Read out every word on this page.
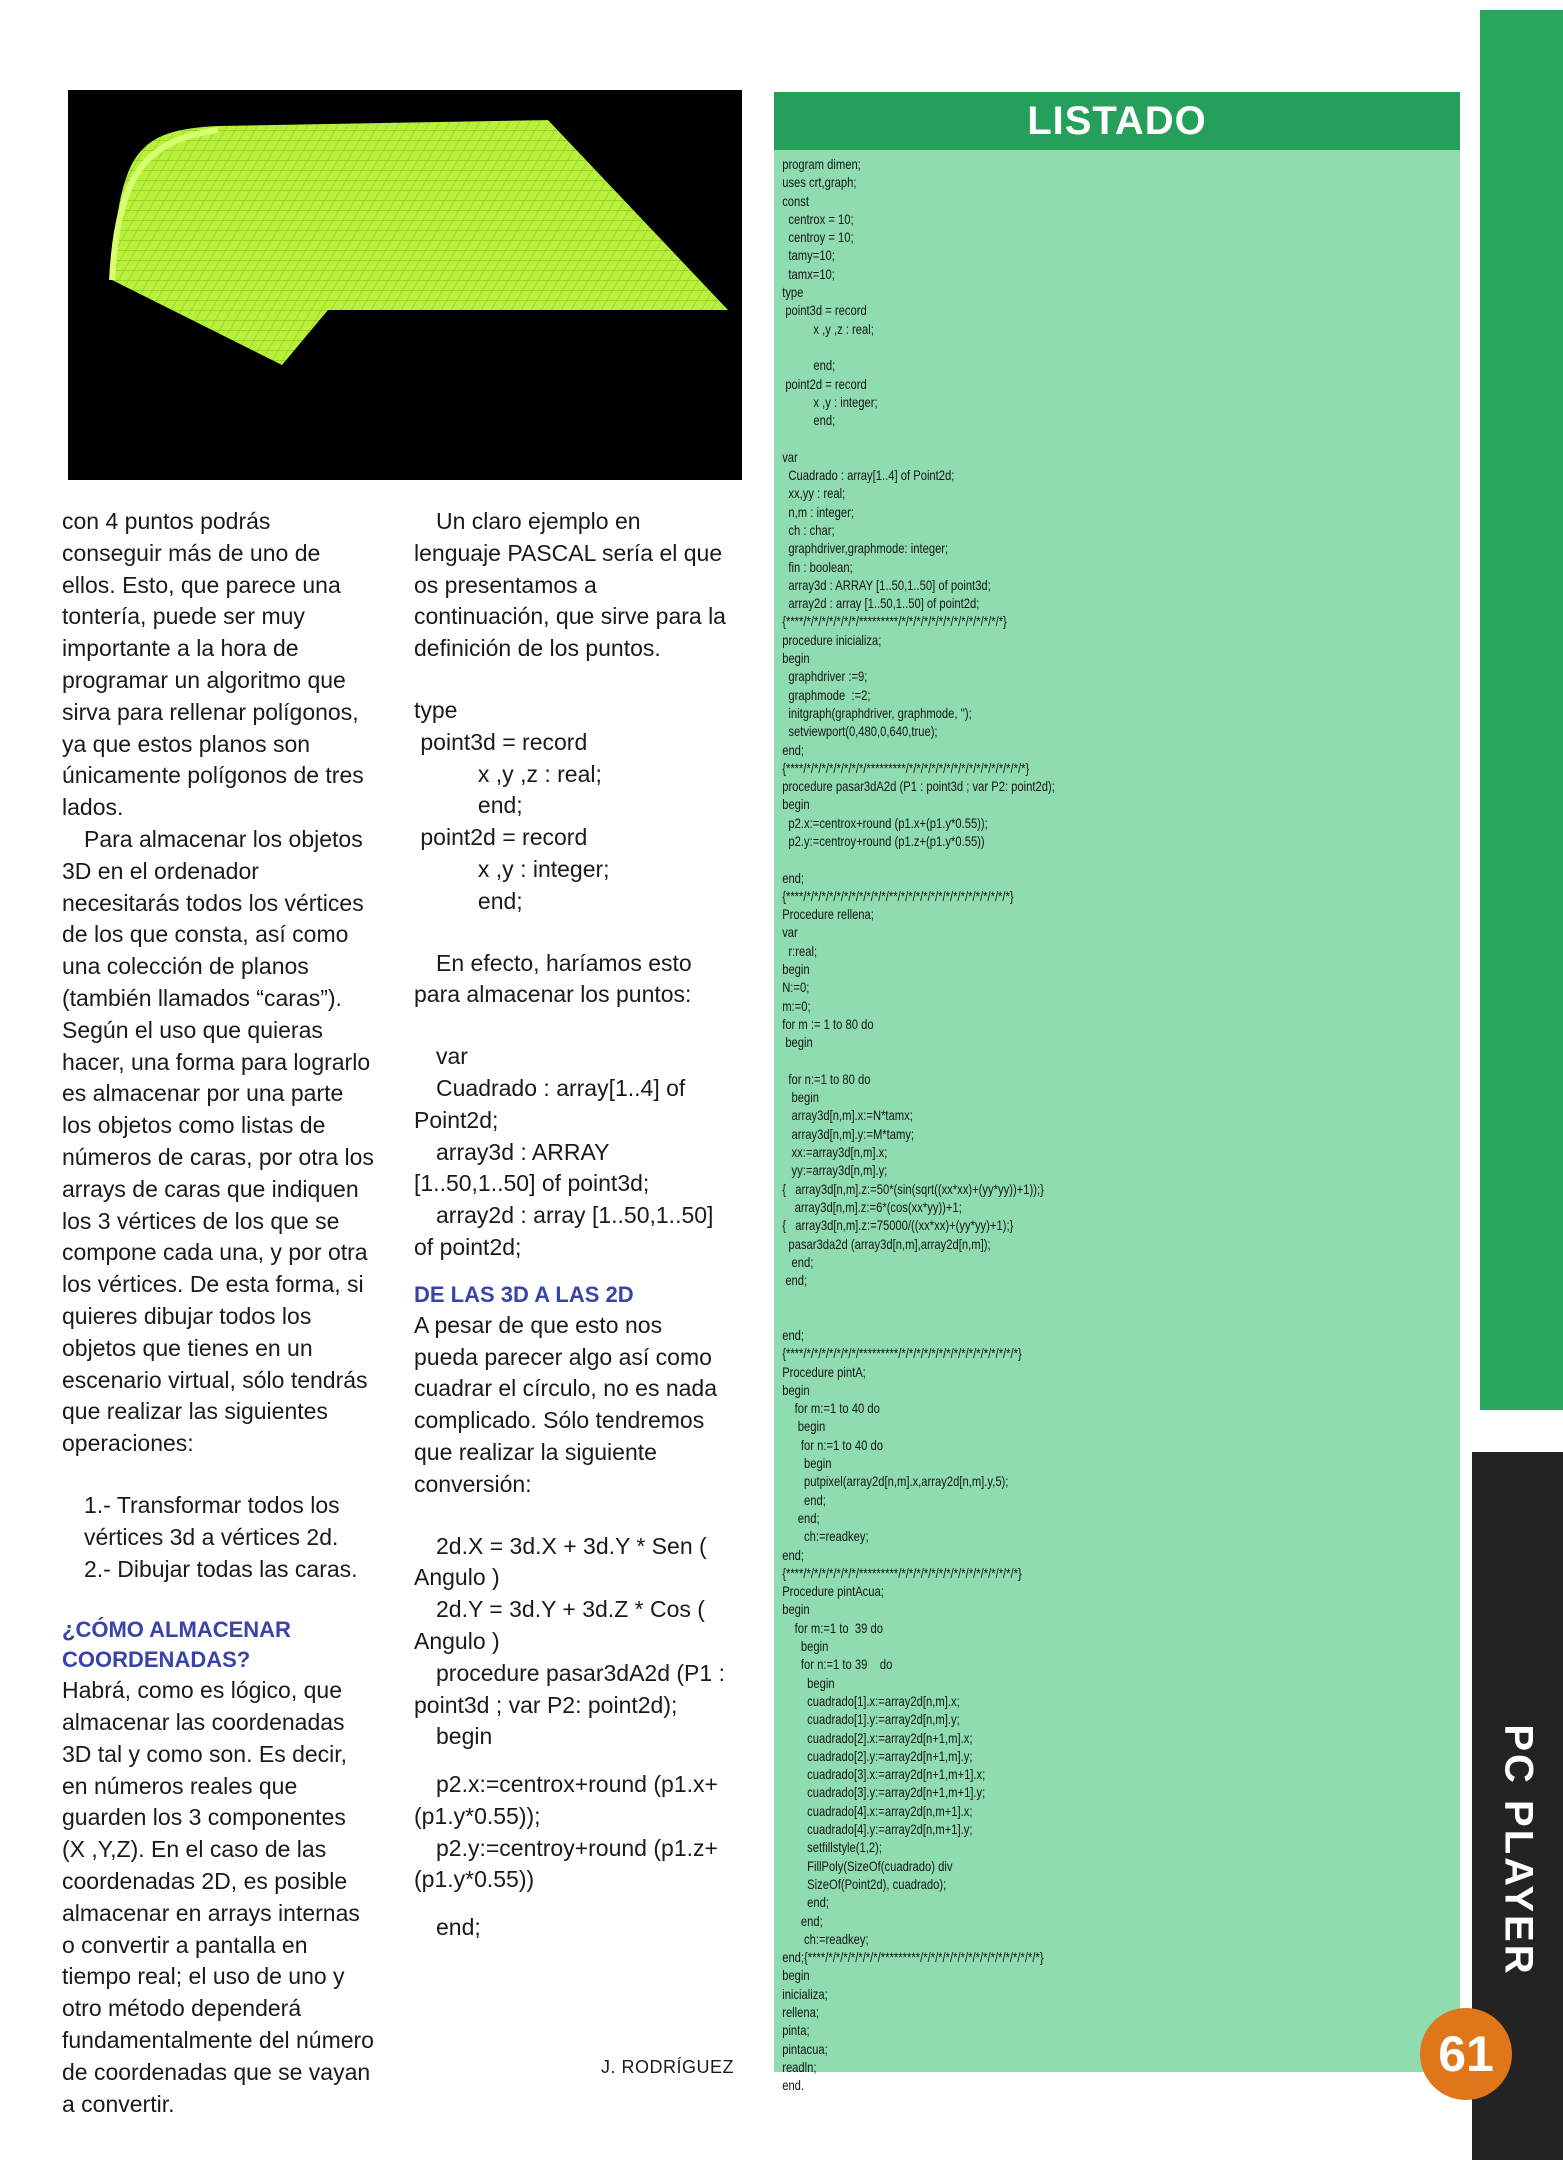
con 4 puntos podrás conseguir más de uno de ellos. Esto, que parece una tontería, puede ser muy importante a la hora de programar un algoritmo que sirva para rellenar polígonos, ya que estos planos son únicamente polígonos de tres lados.

Para almacenar los objetos 3D en el ordenador necesitarás todos los vértices de los que consta, así como una colección de planos (también llamados “caras”). Según el uso que quieras hacer, una forma para lograrlo es almacenar por una parte los objetos como listas de números de caras, por otra los arrays de caras que indiquen los 3 vértices de los que se compone cada una, y por otra los vértices. De esta forma, si quieres dibujar todos los objetos que tienes en un escenario virtual, sólo tendrás que realizar las siguientes operaciones:

1.- Transformar todos los vértices 3d a vértices 2d.

2.- Dibujar todas las caras.

¿CÓMO ALMACENAR COORDENADAS?

Habrá, como es lógico, que almacenar las coordenadas 3D tal y como son. Es decir, en números reales que guarden los 3 componentes (X ,Y,Z). En el caso de las coordenadas 2D, es posible almacenar en arrays internas o convertir a pantalla en tiempo real; el uso de uno y otro método dependerá fundamentalmente del número de coordenadas que se vayan a convertir.

Un claro ejemplo en lenguaje PASCAL sería el que os presentamos a continuación, que sirve para la definición de los puntos.

type
point3d = record
x ,y ,z : real;
end;
point2d = record
x ,y : integer;
end;

En efecto, haríamos esto para almacenar los puntos:

var

Cuadrado : array[1..4] of Point2d;

array3d : ARRAY [1..50,1..50] of point3d;

array2d : array [1..50,1..50] of point2d;

DE LAS 3D A LAS 2D

A pesar de que esto nos pueda parecer algo así como cuadrar el círculo, no es nada complicado. Sólo tendremos que realizar la siguiente conversión:

2d.X = 3d.X + 3d.Y * Sen ( Angulo )

2d.Y = 3d.Y + 3d.Z * Cos ( Angulo )

procedure pasar3dA2d (P1 : point3d ; var P2: point2d);

begin

p2.x:=centrox+round (p1.x+(p1.y*0.55));

p2.y:=centroy+round (p1.z+(p1.y*0.55))

end;

J. RODRÍGUEZ
LISTADO
program dimen;
uses crt,graph;
const
centrox = 10;
centroy = 10;
tamy=10;
tamx=10;
type
point3d = record
x ,y ,z : real;

end;
point2d = record
x ,y : integer;
end;

var
Cuadrado : array[1..4] of Point2d;
xx,yy : real;
n,m : integer;
ch : char;
graphdriver,graphmode: integer;
fin : boolean;
array3d : ARRAY [1..50,1..50] of point3d;
array2d : array [1..50,1..50] of point2d;
{****/*/*/*/*/*/*/*/*********/*/*/*/*/*/*/*/*/*/*/*/*/*/*}
procedure inicializa;
begin
graphdriver :=9;
graphmode  :=2;
initgraph(graphdriver, graphmode, '');
setviewport(0,480,0,640,true);
end;
{****/*/*/*/*/*/*/*/*/*********/*/*/*/*/*/*/*/*/*/*/*/*/*/*/*/*}
procedure pasar3dA2d (P1 : point3d ; var P2: point2d);
begin
p2.x:=centrox+round (p1.x+(p1.y*0.55));
p2.y:=centroy+round (p1.z+(p1.y*0.55))

end;
{****/*/*/*/*/*/*/*/*/*/*/*/**/*/*/*/*/*/*/*/*/*/*/*/*/*/*/*}
Procedure rellena;
var
r:real;
begin
N:=0;
m:=0;
for m := 1 to 80 do
begin

for n:=1 to 80 do
begin
array3d[n,m].x:=N*tamx;
array3d[n,m].y:=M*tamy;
xx:=array3d[n,m].x;
yy:=array3d[n,m].y;
{   array3d[n,m].z:=50*(sin(sqrt((xx*xx)+(yy*yy))+1));}
array3d[n,m].z:=6*(cos(xx*yy))+1;
{   array3d[n,m].z:=75000/((xx*xx)+(yy*yy)+1);}
pasar3da2d (array3d[n,m],array2d[n,m]);
end;
end;

end;
{****/*/*/*/*/*/*/*/*********/*/*/*/*/*/*/*/*/*/*/*/*/*/*/*/*}
Procedure pintA;
begin
for m:=1 to 40 do
begin
for n:=1 to 40 do
begin
putpixel(array2d[n,m].x,array2d[n,m].y,5);
end;
end;
ch:=readkey;
end;
{****/*/*/*/*/*/*/*/*********/*/*/*/*/*/*/*/*/*/*/*/*/*/*/*/*}
Procedure pintAcua;
begin
for m:=1 to  39 do
begin
for n:=1 to 39    do
begin
cuadrado[1].x:=array2d[n,m].x;
cuadrado[1].y:=array2d[n,m].y;
cuadrado[2].x:=array2d[n+1,m].x;
cuadrado[2].y:=array2d[n+1,m].y;
cuadrado[3].x:=array2d[n+1,m+1].x;
cuadrado[3].y:=array2d[n+1,m+1].y;
cuadrado[4].x:=array2d[n,m+1].x;
cuadrado[4].y:=array2d[n,m+1].y;
setfillstyle(1,2);
FillPoly(SizeOf(cuadrado) div
SizeOf(Point2d), cuadrado);
end;
end;
ch:=readkey;
end;{****/*/*/*/*/*/*/*/*********/*/*/*/*/*/*/*/*/*/*/*/*/*/*/*/*}
begin
inicializa;
rellena;
pinta;
pintacua;
readln;
end.
PC PLAYER
61
